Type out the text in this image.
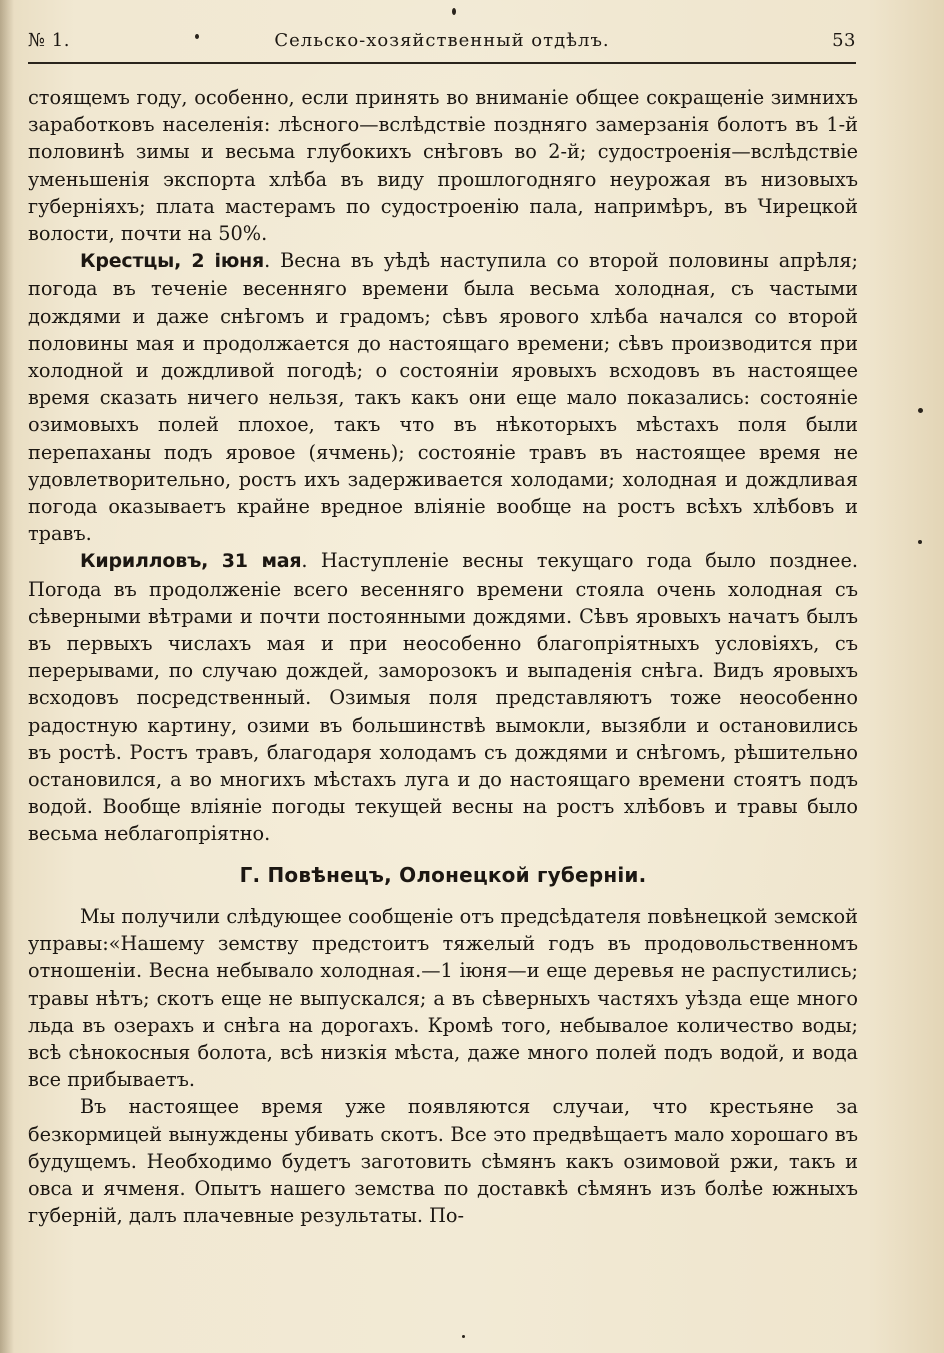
№ 1.	Сельско-хозяйственный отдѣлъ.	53

стоящемъ году, особенно, если принять во вниманіе общее сокращеніе зимнихъ заработковъ населенія: лѣсного—вслѣдствіе поздняго замерзанія болотъ въ 1-й половинѣ зимы и весьма глубокихъ снѣговъ во 2-й; судостроенія—вслѣдствіе уменьшенія экспорта хлѣба въ виду прошлогодняго неурожая въ низовыхъ губерніяхъ; плата мастерамъ по судостроенію пала, напримѣръ, въ Чирецкой волости, почти на 50%.

Крестцы, 2 іюня. Весна въ уѣдѣ наступила со второй половины апрѣля; погода въ теченіе весенняго времени была весьма холодная, съ частыми дождями и даже снѣгомъ и градомъ; сѣвъ ярового хлѣба начался со второй половины мая и продолжается до настоящаго времени; сѣвъ производится при холодной и дождливой погодѣ; о состояніи яровыхъ всходовъ въ настоящее время сказать ничего нельзя, такъ какъ они еще мало показались: состояніе озимовыхъ полей плохое, такъ что въ нѣкоторыхъ мѣстахъ поля были перепаханы подъ яровое (ячмень); состояніе травъ въ настоящее время не удовлетворительно, ростъ ихъ задерживается холодами; холодная и дождливая погода оказываетъ крайне вредное вліяніе вообще на ростъ всѣхъ хлѣбовъ и травъ.

Кирилловъ, 31 мая. Наступленіе весны текущаго года было позднее. Погода въ продолженіе всего весенняго времени стояла очень холодная съ сѣверными вѣтрами и почти постоянными дождями. Сѣвъ яровыхъ начатъ былъ въ первыхъ числахъ мая и при неособенно благопріятныхъ условіяхъ, съ перерывами, по случаю дождей, заморозокъ и выпаденія снѣга. Видъ яровыхъ всходовъ посредственный. Озимыя поля представляютъ тоже неособенно радостную картину, озими въ большинствѣ вымокли, вызябли и остановились въ ростѣ. Ростъ травъ, благодаря холодамъ съ дождями и снѣгомъ, рѣшительно остановился, а во многихъ мѣстахъ луга и до настоящаго времени стоятъ подъ водой. Вообще вліяніе погоды текущей весны на ростъ хлѣбовъ и травы было весьма неблагопріятно.

Г. Повѣнецъ, Олонецкой губерніи.

Мы получили слѣдующее сообщеніе отъ предсѣдателя повѣнецкой земской управы:«Нашему земству предстоитъ тяжелый годъ въ продовольственномъ отношеніи. Весна небывало холодная.—1 іюня—и еще деревья не распустились; травы нѣтъ; скотъ еще не выпускался; а въ сѣверныхъ частяхъ уѣзда еще много льда въ озерахъ и снѣга на дорогахъ. Кромѣ того, небывалое количество воды; всѣ сѣнокосныя болота, всѣ низкія мѣста, даже много полей подъ водой, и вода все прибываетъ.

Въ настоящее время уже появляются случаи, что крестьяне за безкормицей вынуждены убивать скотъ. Все это предвѣщаетъ мало хорошаго въ будущемъ. Необходимо будетъ заготовить сѣмянъ какъ озимовой ржи, такъ и овса и ячменя. Опытъ нашего земства по доставкѣ сѣмянъ изъ болѣе южныхъ губерній, далъ плачевные результаты. По-
